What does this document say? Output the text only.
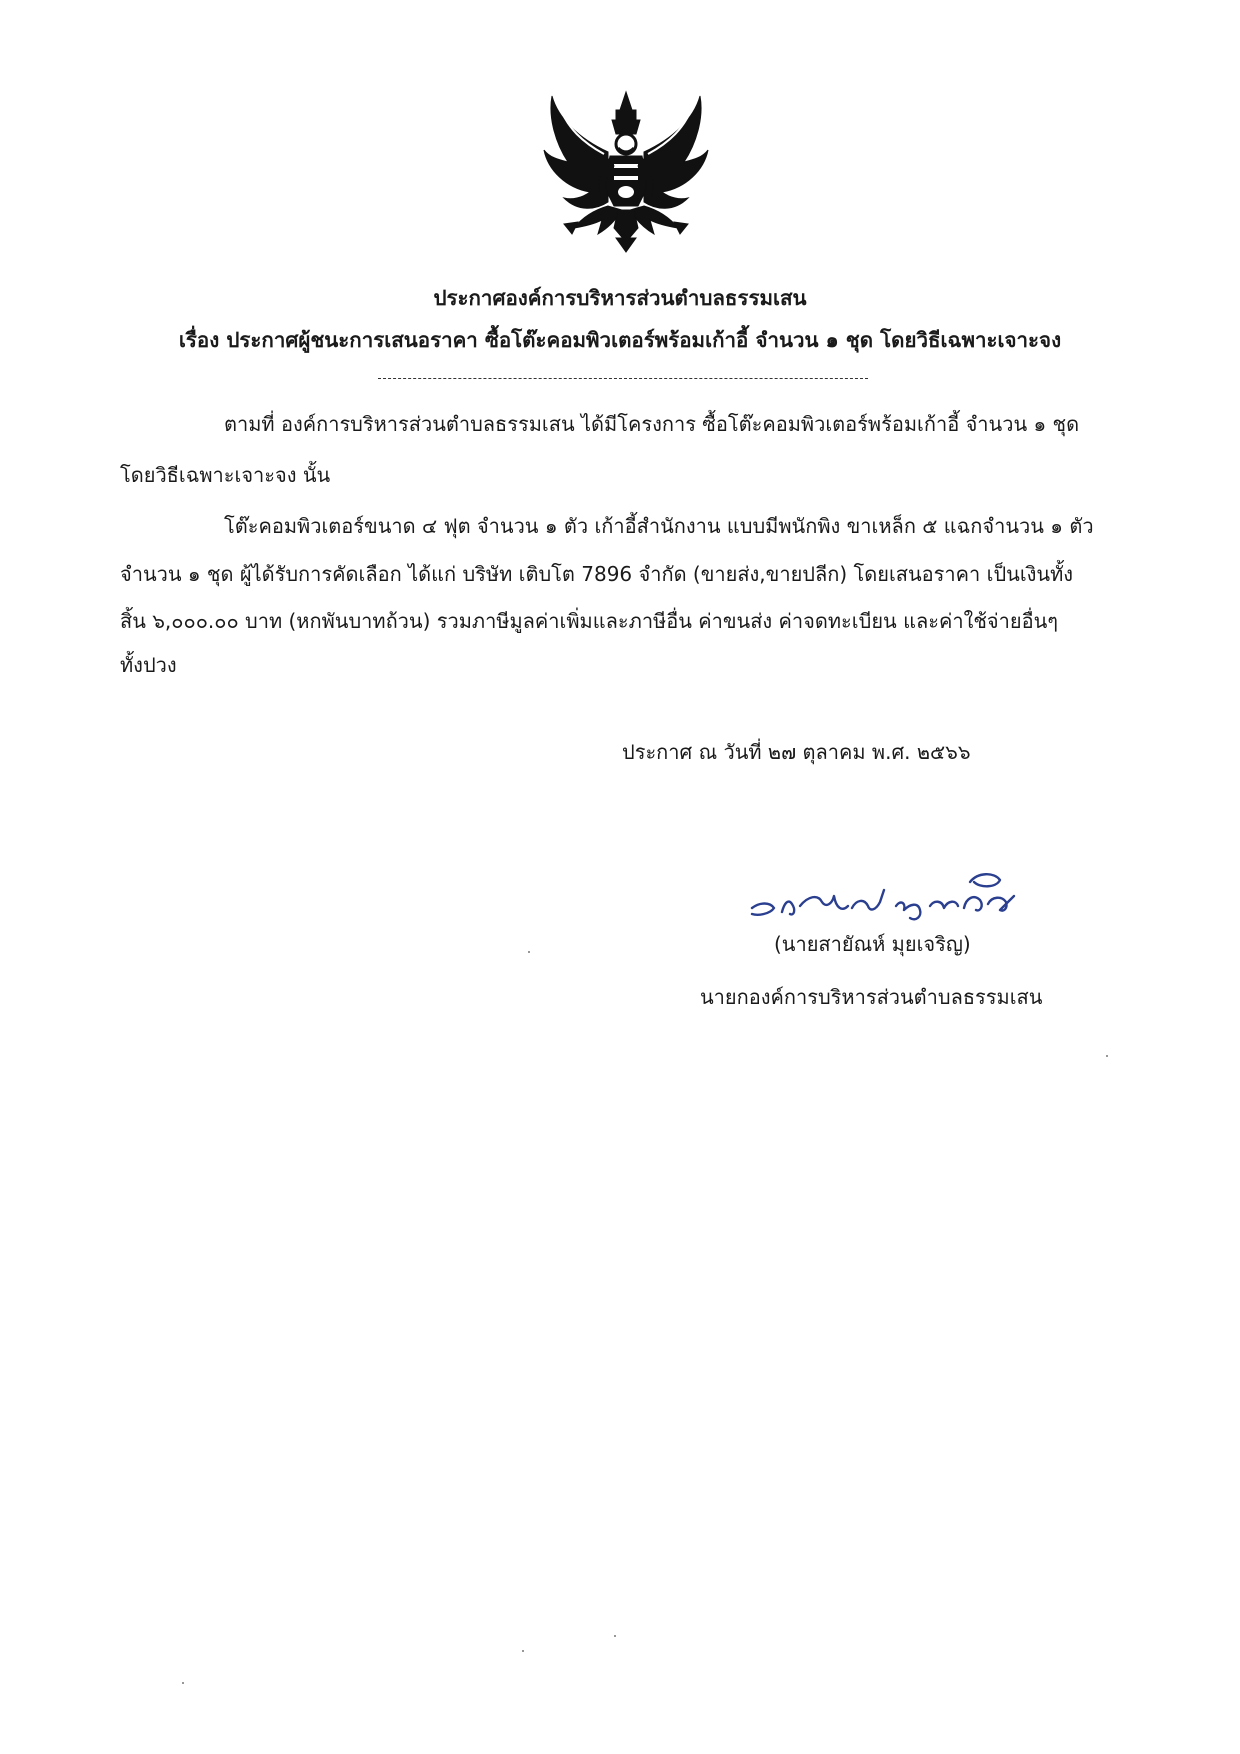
ประกาศองค์การบริหารส่วนตำบลธรรมเสน
เรื่อง ประกาศผู้ชนะการเสนอราคา ซื้อโต๊ะคอมพิวเตอร์พร้อมเก้าอี้ จำนวน ๑ ชุด โดยวิธีเฉพาะเจาะจง
ตามที่ องค์การบริหารส่วนตำบลธรรมเสน ได้มีโครงการ ซื้อโต๊ะคอมพิวเตอร์พร้อมเก้าอี้ จำนวน ๑ ชุด
โดยวิธีเฉพาะเจาะจง นั้น
โต๊ะคอมพิวเตอร์ขนาด ๔ ฟุต จำนวน ๑ ตัว เก้าอี้สำนักงาน แบบมีพนักพิง ขาเหล็ก ๕ แฉกจำนวน ๑ ตัว
จำนวน ๑ ชุด ผู้ได้รับการคัดเลือก ได้แก่ บริษัท เติบโต 7896 จำกัด (ขายส่ง,ขายปลีก) โดยเสนอราคา เป็นเงินทั้ง
สิ้น ๖,๐๐๐.๐๐ บาท (หกพันบาทถ้วน) รวมภาษีมูลค่าเพิ่มและภาษีอื่น ค่าขนส่ง ค่าจดทะเบียน และค่าใช้จ่ายอื่นๆ
ทั้งปวง
ประกาศ ณ วันที่ ๒๗ ตุลาคม พ.ศ. ๒๕๖๖
(นายสายัณห์ มุยเจริญ)
นายกองค์การบริหารส่วนตำบลธรรมเสน
